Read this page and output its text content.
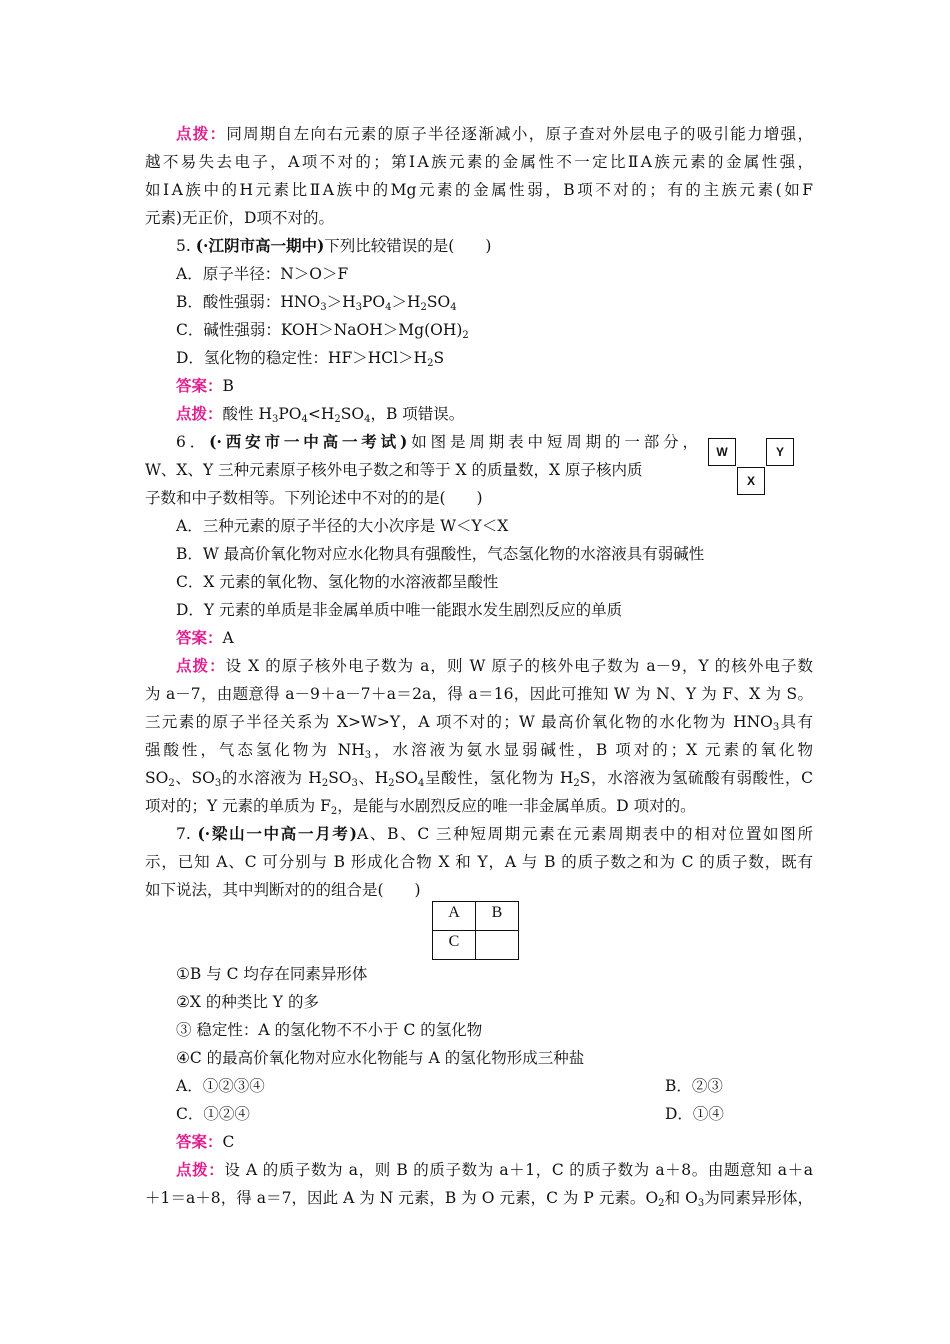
点拨：同周期自左向右元素的原子半径逐渐减小，原子查对外层电子的吸引能力增强，
越不易失去电子，A项不对的；第ⅠA族元素的金属性不一定比ⅡA族元素的金属性强，
如ⅠA族中的H元素比ⅡA族中的Mg元素的金属性弱，B项不对的；有的主族元素(如F
元素)无正价，D项不对的。
5. (·江阴市高一期中)下列比较错误的是(　　)
A．原子半径：N＞O＞F
B．酸性强弱：$HNO_3>H_3PO_4>H_2SO_4$
C．碱性强弱：$KOH>NaOH>Mg(OH)_2$
D．氢化物的稳定性：$HF>HCl>H_2S$
答案：B
点拨：酸性 $H_3PO_4<H_2SO_4$，B 项错误。
6．(·西安市一中高一考试)如图是周期表中短周期的一部分，
W、X、Y 三种元素原子核外电子数之和等于 X 的质量数，X 原子核内质
子数和中子数相等。下列论述中不对的的是(　　)
W	Y
X
A．三种元素的原子半径的大小次序是 W＜Y＜X
B．W 最高价氧化物对应水化物具有强酸性，气态氢化物的水溶液具有弱碱性
C．X 元素的氧化物、氢化物的水溶液都呈酸性
D．Y 元素的单质是非金属单质中唯一能跟水发生剧烈反应的单质
答案：A
点拨：设 X 的原子核外电子数为 a，则 W 原子的核外电子数为 a－9，Y 的核外电子数
为 a－7，由题意得 a－9＋a－7＋a＝2a，得 a＝16，因此可推知 W 为 N、Y 为 F、X 为 S。
三元素的原子半径关系为 X>W>Y，A 项不对的；W 最高价氧化物的水化物为 $HNO_3$具有
强酸性，气态氢化物为 $NH_3$，水溶液为氨水显弱碱性，B 项对的；X 元素的氧化物
$SO_2$、$SO_3$的水溶液为 $H_2SO_3$、$H_2SO_4$呈酸性，氢化物为 $H_2S$，水溶液为氢硫酸有弱酸性，C
项对的；Y 元素的单质为 $F_2$，是能与水剧烈反应的唯一非金属单质。D 项对的。
7. (·梁山一中高一月考)A、B、C 三种短周期元素在元素周期表中的相对位置如图所
示，已知 A、C 可分别与 B 形成化合物 X 和 Y，A 与 B 的质子数之和为 C 的质子数，既有
如下说法，其中判断对的的组合是(　　)
A	B
C	
①B 与 C 均存在同素异形体
②X 的种类比 Y 的多
③ 稳定性：A 的氢化物不不小于 C 的氢化物
④C 的最高价氧化物对应水化物能与 A 的氢化物形成三种盐
A．①②③④	B．②③
C．①②④	D．①④
答案：C
点拨：设 A 的质子数为 a，则 B 的质子数为 a＋1，C 的质子数为 a＋8。由题意知 a＋a
＋1＝a＋8，得 a＝7，因此 A 为 N 元素，B 为 O 元素，C 为 P 元素。$O_2$和 $O_3$为同素异形体，
